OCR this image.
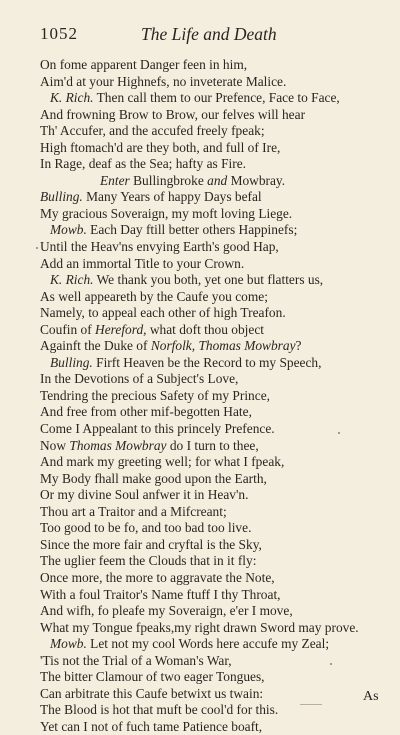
1052	The Life and Death
On fome apparent Danger feen in him,
Aim'd at your Highnefs, no inveterate Malice.
K. Rich. Then call them to our Prefence, Face to Face,
And frowning Brow to Brow, our felves will hear
Th' Accufer, and the accufed freely fpeak;
High ftomach'd are they both, and full of Ire,
In Rage, deaf as the Sea; hafty as Fire.
Enter Bullingbroke and Mowbray.
Bulling. Many Years of happy Days befal
My gracious Soveraign, my moft loving Liege.
Mowb. Each Day ftill better others Happinefs;
Until the Heav'ns envying Earth's good Hap,
Add an immortal Title to your Crown.
K. Rich. We thank you both, yet one but flatters us,
As well appeareth by the Caufe you come;
Namely, to appeal each other of high Treafon.
Coufin of Hereford, what doft thou object
Againft the Duke of Norfolk, Thomas Mowbray?
Bulling. Firft Heaven be the Record to my Speech,
In the Devotions of a Subject's Love,
Tendring the precious Safety of my Prince,
And free from other mif-begotten Hate,
Come I Appealant to this princely Prefence.
Now Thomas Mowbray do I turn to thee,
And mark my greeting well; for what I fpeak,
My Body fhall make good upon the Earth,
Or my divine Soul anfwer it in Heav'n.
Thou art a Traitor and a Mifcreant;
Too good to be fo, and too bad too live.
Since the more fair and cryftal is the Sky,
The uglier feem the Clouds that in it fly:
Once more, the more to aggravate the Note,
With a foul Traitor's Name ftuff I thy Throat,
And wifh, fo pleafe my Soveraign, e'er I move,
What my Tongue fpeaks,my right drawn Sword may prove.
Mowb. Let not my cool Words here accufe my Zeal;
'Tis not the Trial of a Woman's War,
The bitter Clamour of two eager Tongues,
Can arbitrate this Caufe betwixt us twain:
The Blood is hot that muft be cool'd for this.
Yet can I not of fuch tame Patience boaft,
As
